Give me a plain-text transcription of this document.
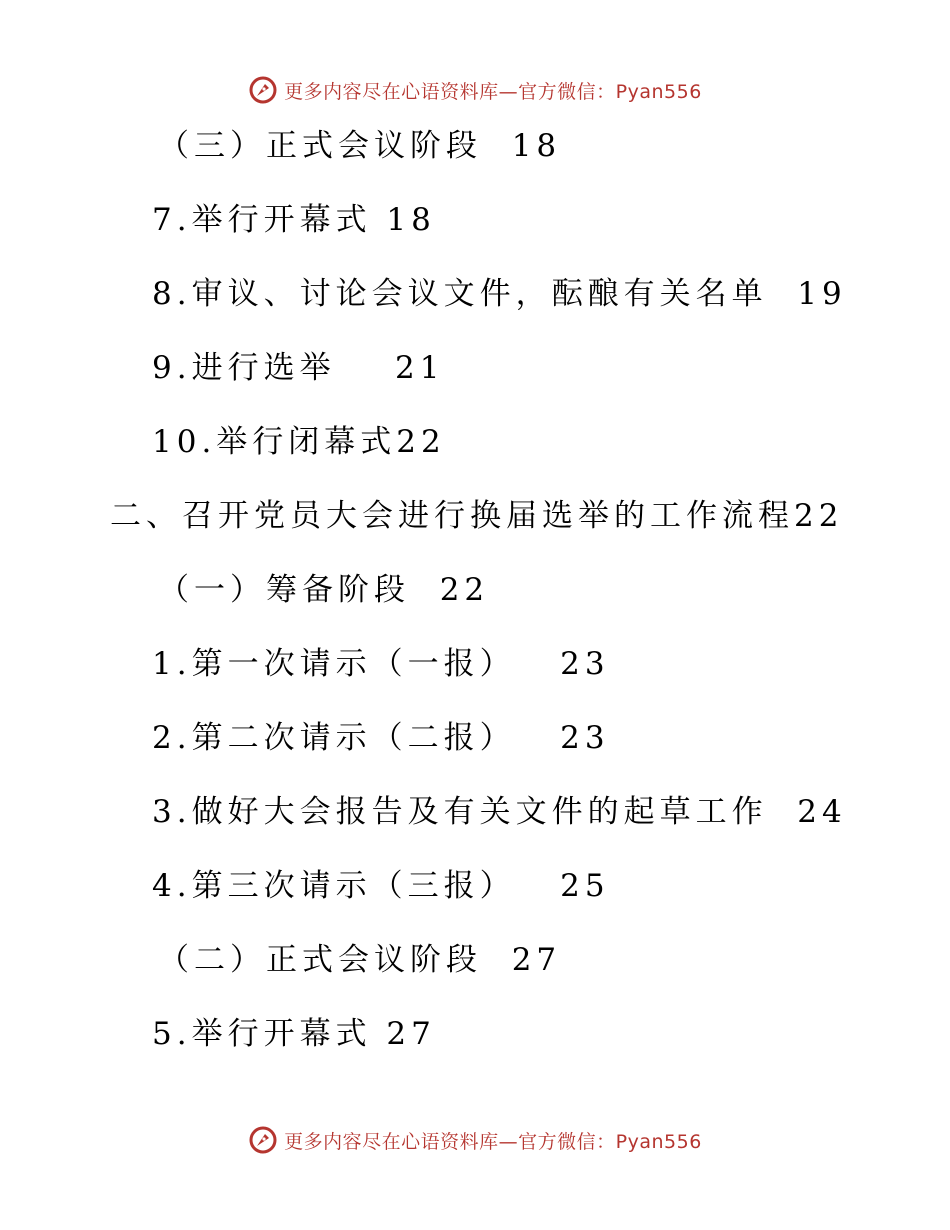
更多内容尽在心语资料库—官方微信：Pyan556
（三）正式会议阶段  18
7.举行开幕式 18
8.审议、讨论会议文件，酝酿有关名单  19
9.进行选举    21
10.举行闭幕式22
二、召开党员大会进行换届选举的工作流程22
（一）筹备阶段  22
1.第一次请示（一报）   23
2.第二次请示（二报）   23
3.做好大会报告及有关文件的起草工作  24
4.第三次请示（三报）   25
（二）正式会议阶段  27
5.举行开幕式 27
更多内容尽在心语资料库—官方微信：Pyan556
